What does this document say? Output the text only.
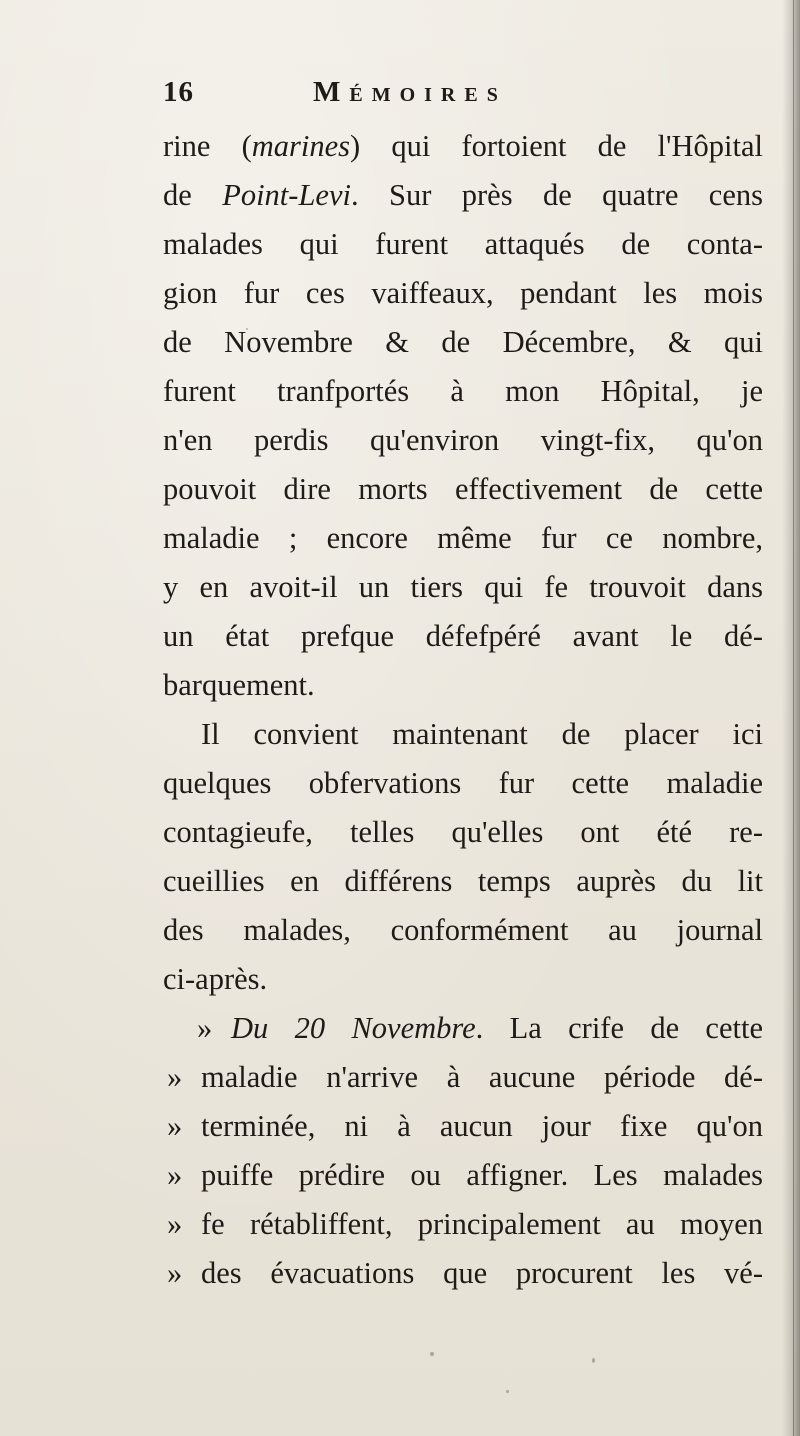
16	Mémoires
rine (marines) qui fortoient de l'Hôpital
de Point-Levi. Sur près de quatre cens
malades qui furent attaqués de conta-
gion fur ces vaiffeaux, pendant les mois
de Novembre & de Décembre, & qui
furent tranfportés à mon Hôpital, je
n'en perdis qu'environ vingt-fix, qu'on
pouvoit dire morts effectivement de cette
maladie ; encore même fur ce nombre,
y en avoit-il un tiers qui fe trouvoit dans
un état prefque défefpéré avant le dé-
barquement.
Il convient maintenant de placer ici
quelques obfervations fur cette maladie
contagieufe, telles qu'elles ont été re-
cueillies en différens temps auprès du lit
des malades, conformément au journal
ci-après.
» Du 20 Novembre. La crife de cette
» maladie n'arrive à aucune période dé-
» terminée, ni à aucun jour fixe qu'on
» puiffe prédire ou affigner. Les malades
» fe rétabliffent, principalement au moyen
» des évacuations que procurent les vé-
